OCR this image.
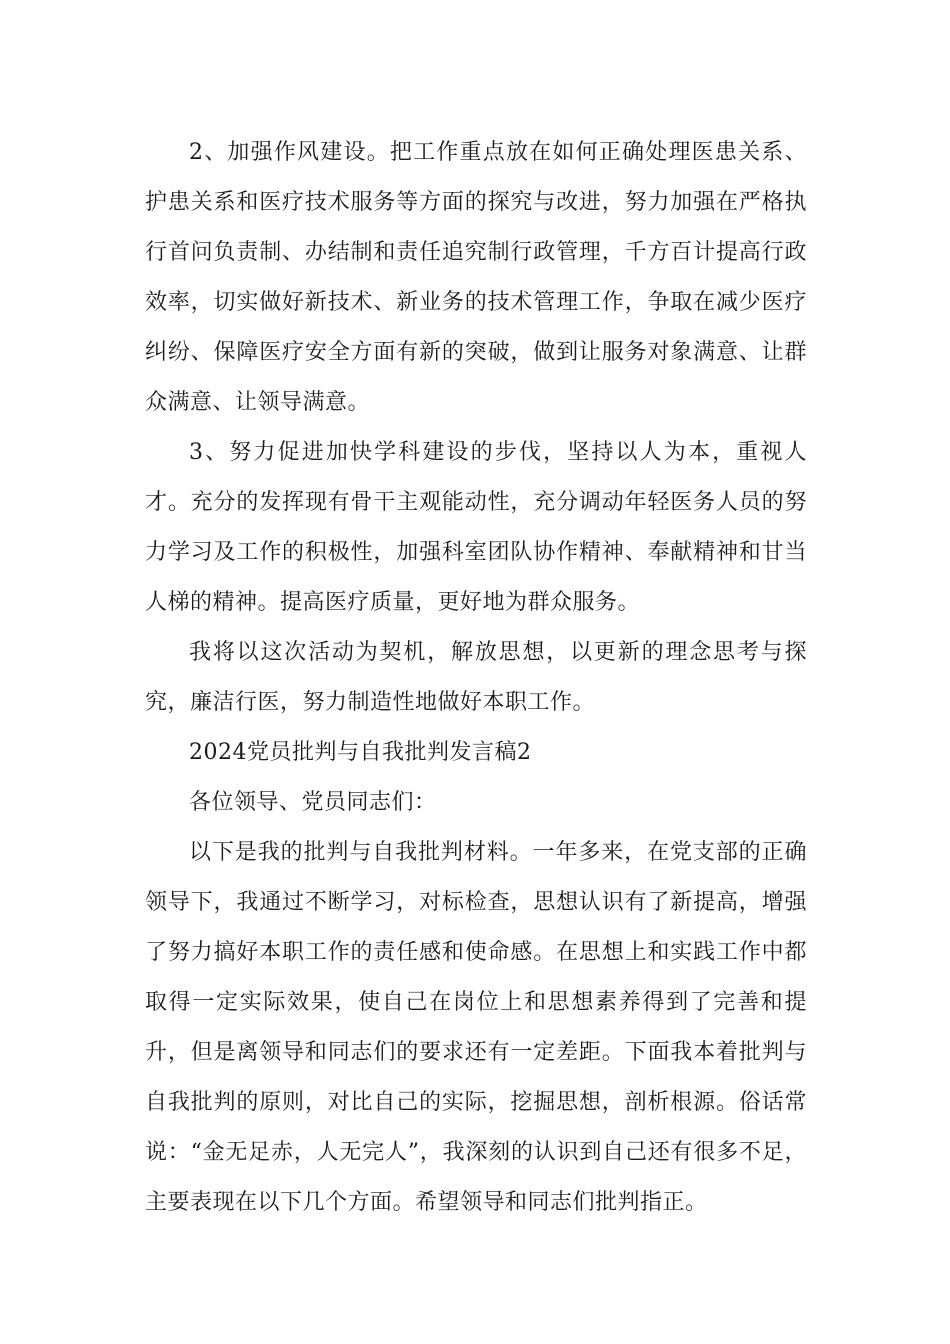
2、加强作风建设。把工作重点放在如何正确处理医患关系、护患关系和医疗技术服务等方面的探究与改进，努力加强在严格执行首问负责制、办结制和责任追究制行政管理，千方百计提高行政效率，切实做好新技术、新业务的技术管理工作，争取在减少医疗纠纷、保障医疗安全方面有新的突破，做到让服务对象满意、让群众满意、让领导满意。

3、努力促进加快学科建设的步伐，坚持以人为本，重视人才。充分的发挥现有骨干主观能动性，充分调动年轻医务人员的努力学习及工作的积极性，加强科室团队协作精神、奉献精神和甘当人梯的精神。提高医疗质量，更好地为群众服务。

我将以这次活动为契机，解放思想，以更新的理念思考与探究，廉洁行医，努力制造性地做好本职工作。

2024党员批判与自我批判发言稿2

各位领导、党员同志们：

以下是我的批判与自我批判材料。一年多来，在党支部的正确领导下，我通过不断学习，对标检查，思想认识有了新提高，增强了努力搞好本职工作的责任感和使命感。在思想上和实践工作中都取得一定实际效果，使自己在岗位上和思想素养得到了完善和提升，但是离领导和同志们的要求还有一定差距。下面我本着批判与自我批判的原则，对比自己的实际，挖掘思想，剖析根源。俗话常说：“金无足赤，人无完人”，我深刻的认识到自己还有很多不足，主要表现在以下几个方面。希望领导和同志们批判指正。
